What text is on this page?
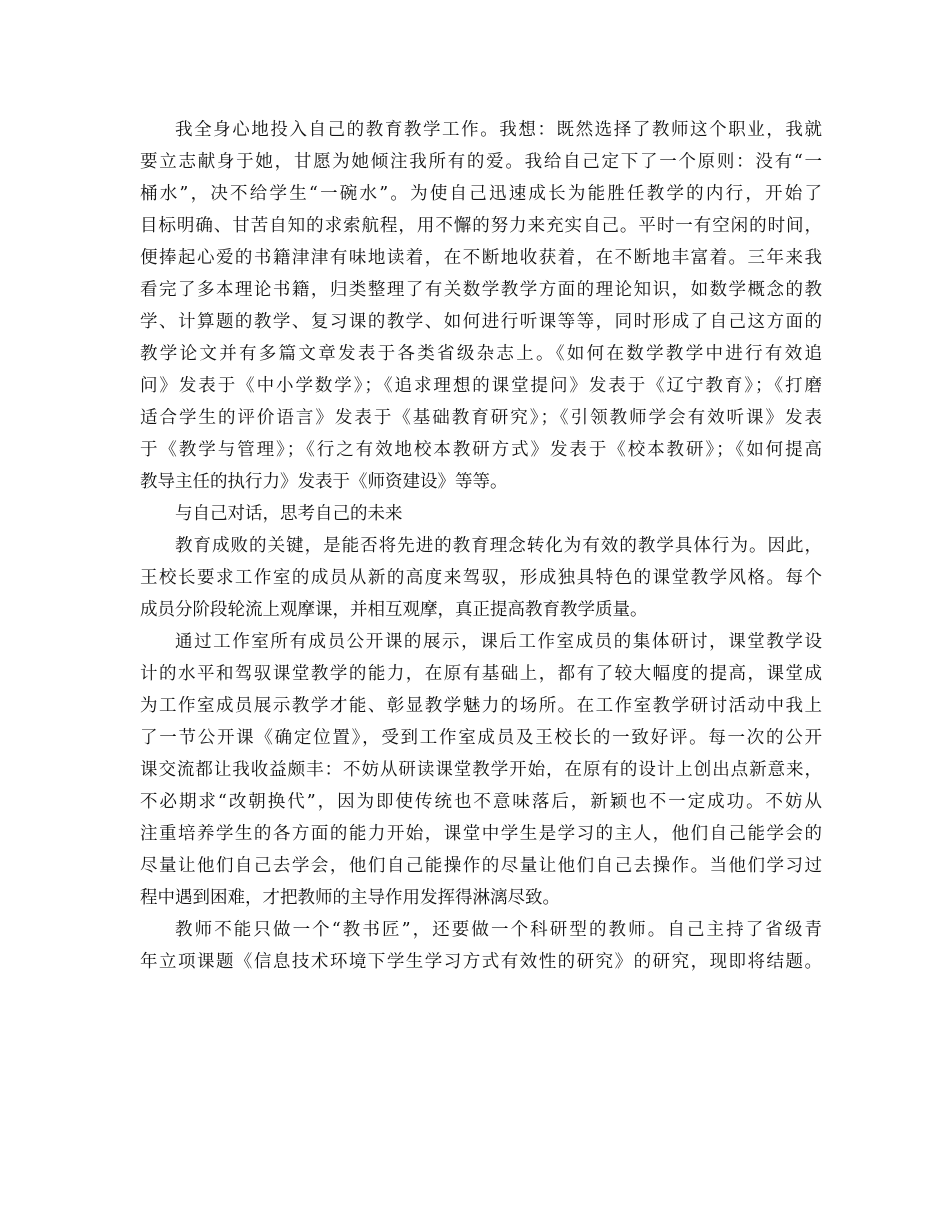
我全身心地投入自己的教育教学工作。我想：既然选择了教师这个职业，我就
要立志献身于她，甘愿为她倾注我所有的爱。我给自己定下了一个原则：没有“一
桶水”，决不给学生“一碗水”。为使自己迅速成长为能胜任教学的内行，开始了
目标明确、甘苦自知的求索航程，用不懈的努力来充实自己。平时一有空闲的时间，
便捧起心爱的书籍津津有味地读着，在不断地收获着，在不断地丰富着。三年来我
看完了多本理论书籍，归类整理了有关数学教学方面的理论知识，如数学概念的教
学、计算题的教学、复习课的教学、如何进行听课等等，同时形成了自己这方面的
教学论文并有多篇文章发表于各类省级杂志上。《如何在数学教学中进行有效追
问》发表于《中小学数学》；《追求理想的课堂提问》发表于《辽宁教育》；《打磨
适合学生的评价语言》发表于《基础教育研究》；《引领教师学会有效听课》发表
于《教学与管理》；《行之有效地校本教研方式》发表于《校本教研》；《如何提高
教导主任的执行力》发表于《师资建设》等等。
与自己对话，思考自己的未来
教育成败的关键，是能否将先进的教育理念转化为有效的教学具体行为。因此，
王校长要求工作室的成员从新的高度来驾驭，形成独具特色的课堂教学风格。每个
成员分阶段轮流上观摩课，并相互观摩，真正提高教育教学质量。
通过工作室所有成员公开课的展示，课后工作室成员的集体研讨，课堂教学设
计的水平和驾驭课堂教学的能力，在原有基础上，都有了较大幅度的提高，课堂成
为工作室成员展示教学才能、彰显教学魅力的场所。在工作室教学研讨活动中我上
了一节公开课《确定位置》，受到工作室成员及王校长的一致好评。每一次的公开
课交流都让我收益颇丰：不妨从研读课堂教学开始，在原有的设计上创出点新意来，
不必期求“改朝换代”，因为即使传统也不意味落后，新颖也不一定成功。不妨从
注重培养学生的各方面的能力开始，课堂中学生是学习的主人，他们自己能学会的
尽量让他们自己去学会，他们自己能操作的尽量让他们自己去操作。当他们学习过
程中遇到困难，才把教师的主导作用发挥得淋漓尽致。
教师不能只做一个“教书匠”，还要做一个科研型的教师。自己主持了省级青
年立项课题《信息技术环境下学生学习方式有效性的研究》的研究，现即将结题。
